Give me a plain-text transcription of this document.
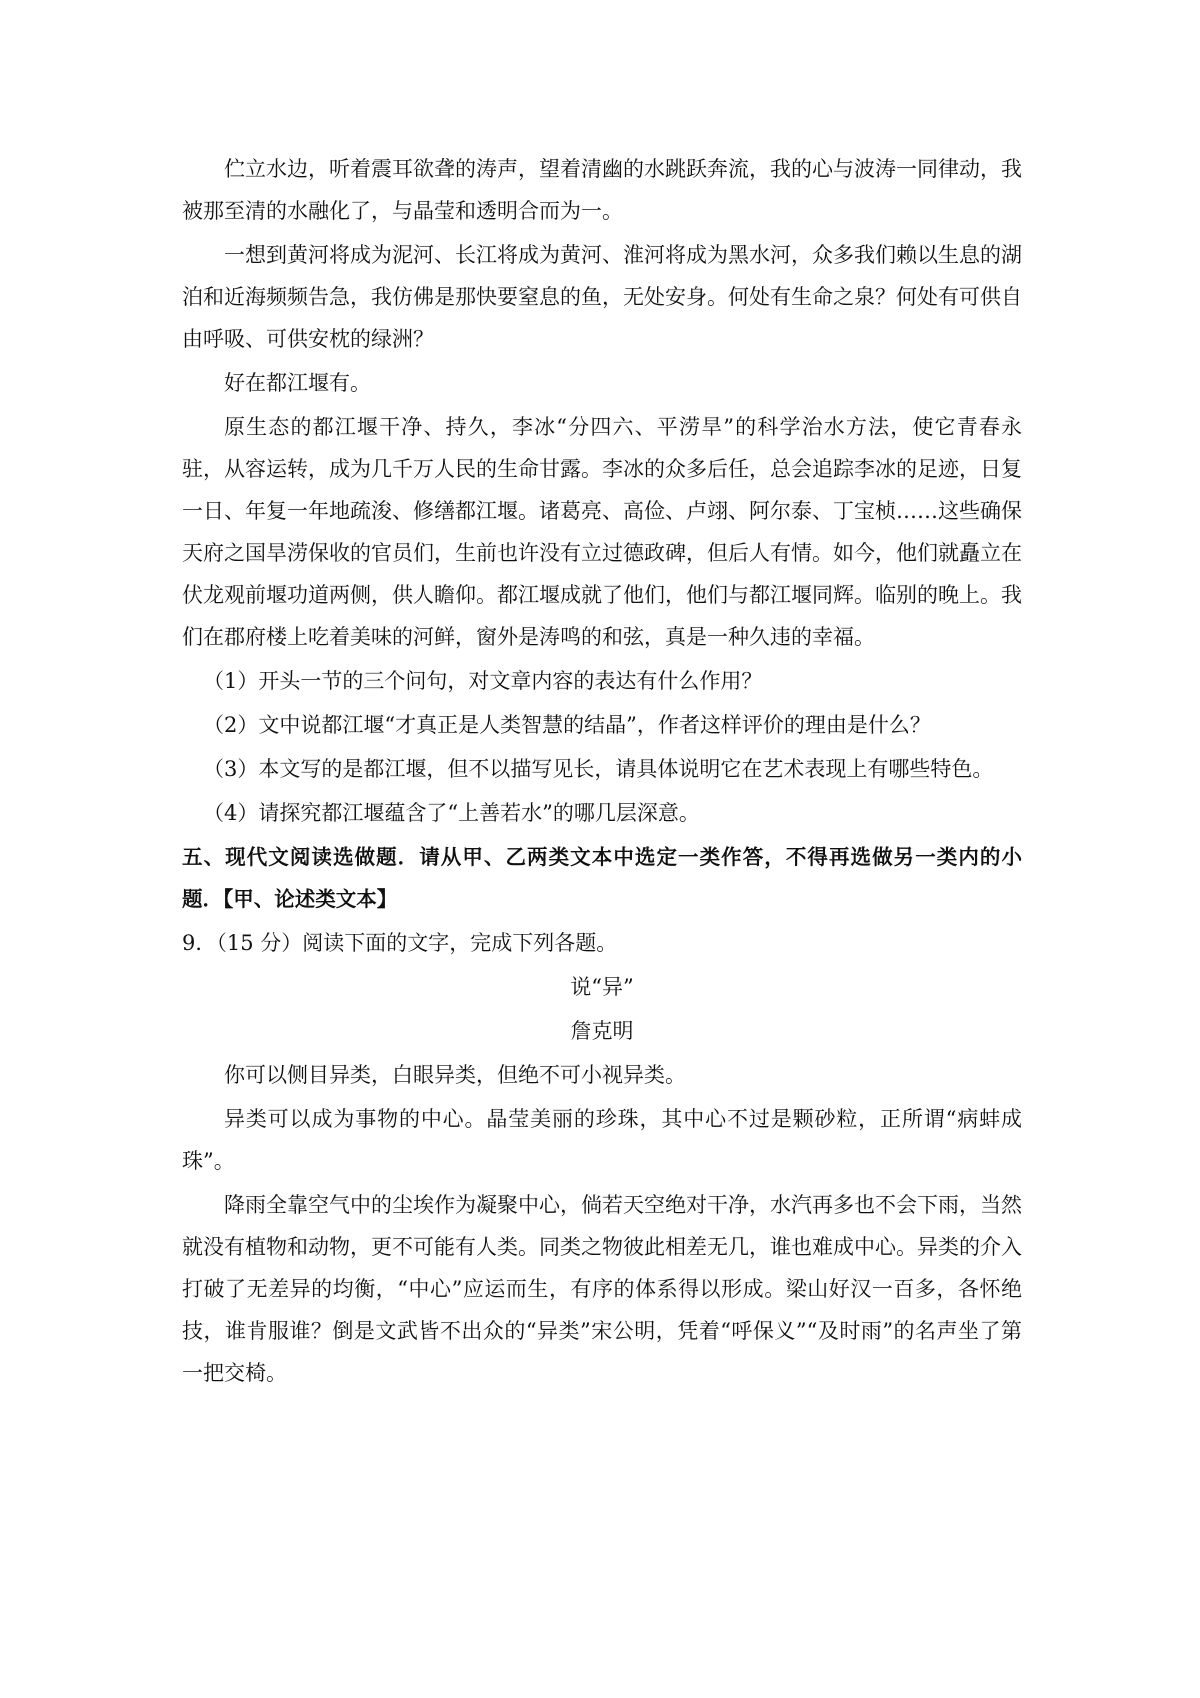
伫立水边，听着震耳欲聋的涛声，望着清幽的水跳跃奔流，我的心与波涛一同律动，我被那至清的水融化了，与晶莹和透明合而为一。

一想到黄河将成为泥河、长江将成为黄河、淮河将成为黑水河，众多我们赖以生息的湖泊和近海频频告急，我仿佛是那快要窒息的鱼，无处安身。何处有生命之泉？何处有可供自由呼吸、可供安枕的绿洲？

好在都江堰有。

原生态的都江堰干净、持久，李冰“分四六、平涝旱”的科学治水方法，使它青春永驻，从容运转，成为几千万人民的生命甘露。李冰的众多后任，总会追踪李冰的足迹，日复一日、年复一年地疏浚、修缮都江堰。诸葛亮、高俭、卢翊、阿尔泰、丁宝桢……这些确保天府之国旱涝保收的官员们，生前也许没有立过德政碑，但后人有情。如今，他们就矗立在伏龙观前堰功道两侧，供人瞻仰。都江堰成就了他们，他们与都江堰同辉。临别的晚上。我们在郡府楼上吃着美味的河鲜，窗外是涛鸣的和弦，真是一种久违的幸福。

（1）开头一节的三个问句，对文章内容的表达有什么作用？

（2）文中说都江堰“才真正是人类智慧的结晶”，作者这样评价的理由是什么？

（3）本文写的是都江堰，但不以描写见长，请具体说明它在艺术表现上有哪些特色。

（4）请探究都江堰蕴含了“上善若水”的哪几层深意。

五、现代文阅读选做题．请从甲、乙两类文本中选定一类作答，不得再选做另一类内的小题．【甲、论述类文本】

9．（15 分）阅读下面的文字，完成下列各题。

说“异”

詹克明

你可以侧目异类，白眼异类，但绝不可小视异类。

异类可以成为事物的中心。晶莹美丽的珍珠，其中心不过是颗砂粒，正所谓“病蚌成珠”。

降雨全靠空气中的尘埃作为凝聚中心，倘若天空绝对干净，水汽再多也不会下雨，当然就没有植物和动物，更不可能有人类。同类之物彼此相差无几，谁也难成中心。异类的介入打破了无差异的均衡，“中心”应运而生，有序的体系得以形成。梁山好汉一百多，各怀绝技，谁肯服谁？倒是文武皆不出众的“异类”宋公明，凭着“呼保义”“及时雨”的名声坐了第一把交椅。
